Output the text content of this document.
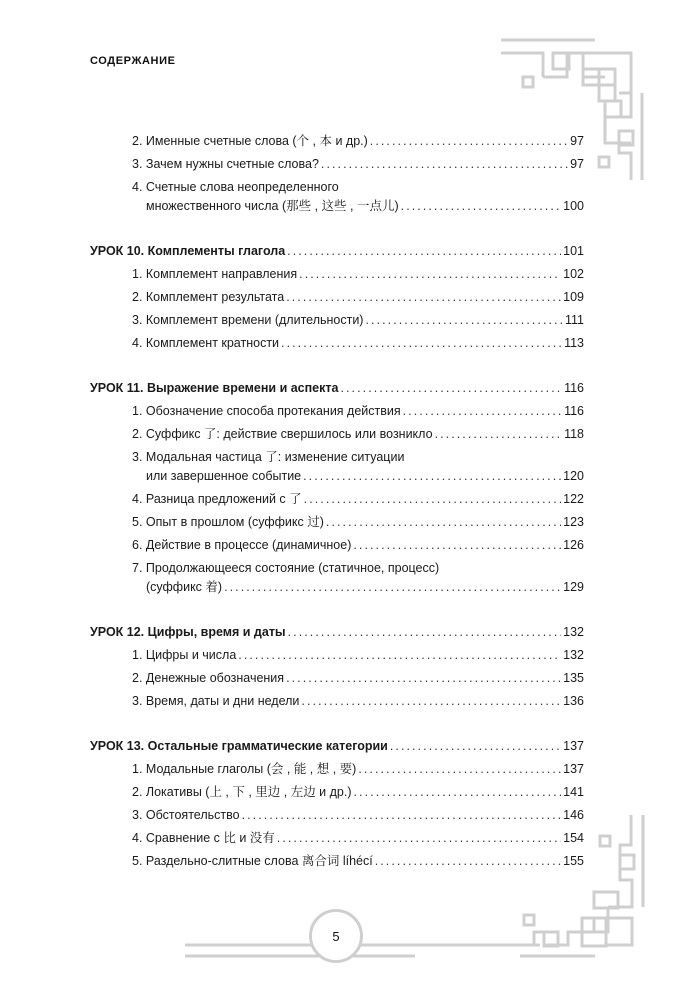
СОДЕРЖАНИЕ
2. Именные счетные слова (个 , 本 и др.) . . .	97
3. Зачем нужны счетные слова? . . .	97
4. Счетные слова неопределенного
множественного числа (那些 , 这些 , 一点儿) . . .	100
УРОК 10. Комплементы глагола . . .	101
1. Комплемент направления . . .	102
2. Комплемент результата . . .	109
3. Комплемент времени (длительности) . . .	111
4. Комплемент кратности . . .	113
УРОК 11. Выражение времени и аспекта . . .	116
1. Обозначение способа протекания действия . . .	116
2. Суффикс 了: действие свершилось или возникло . . .	118
3. Модальная частица 了: изменение ситуации
или завершенное событие . . .	120
4. Разница предложений с 了 . . .	122
5. Опыт в прошлом (суффикс 过) . . .	123
6. Действие в процессе (динамичное) . . .	126
7. Продолжающееся состояние (статичное, процесс)
(суффикс 着) . . .	129
УРОК 12. Цифры, время и даты . . .	132
1. Цифры и числа . . .	132
2. Денежные обозначения . . .	135
3. Время, даты и дни недели . . .	136
УРОК 13. Остальные грамматические категории . . .	137
1. Модальные глаголы (会 , 能 , 想 , 要) . . .	137
2. Локативы (上 , 下 , 里边 , 左边 и др.) . . .	141
3. Обстоятельство . . .	146
4. Сравнение с 比 и 没有 . . .	154
5. Раздельно-слитные слова 离合词 líhécí . . .	155
5
